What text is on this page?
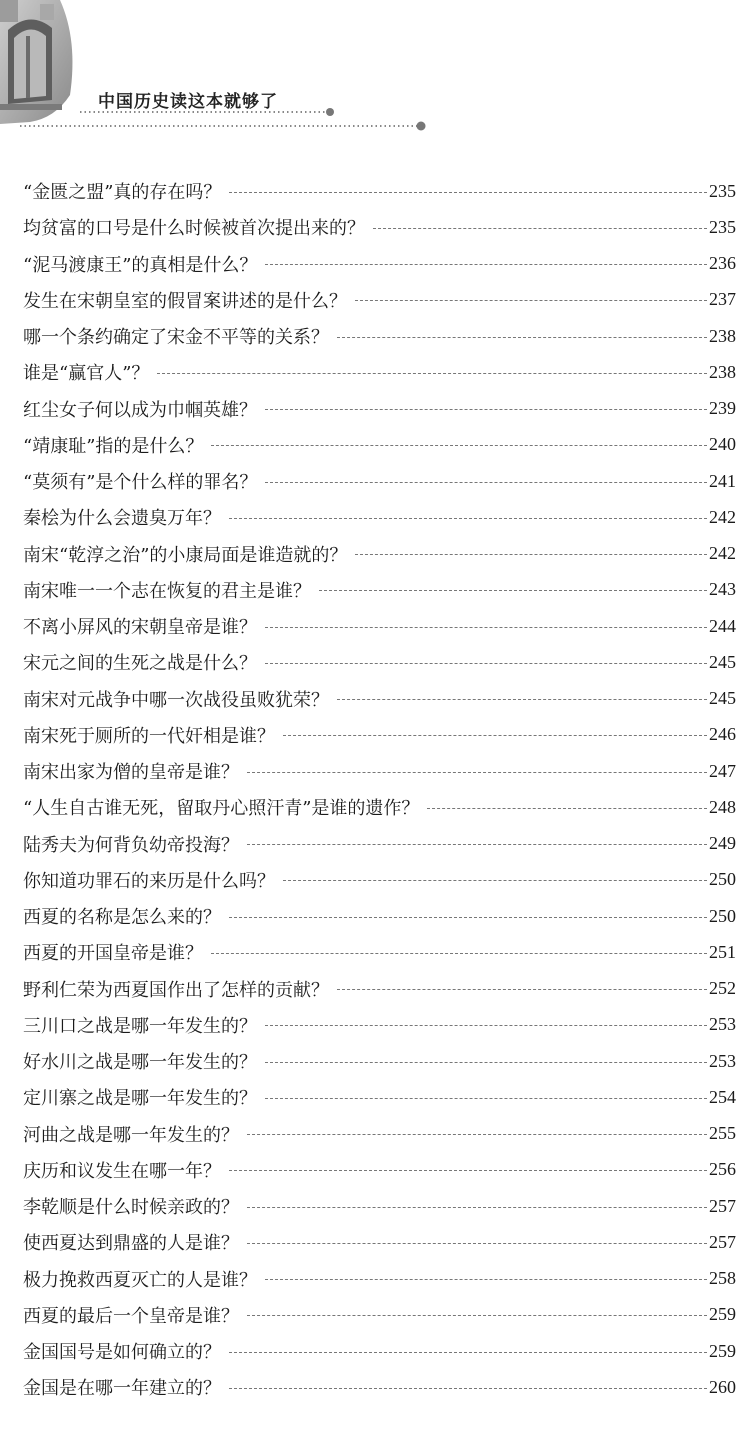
中国历史读这本就够了
“金匮之盟”真的存在吗？	235
均贫富的口号是什么时候被首次提出来的？	235
“泥马渡康王”的真相是什么？	236
发生在宋朝皇室的假冒案讲述的是什么？	237
哪一个条约确定了宋金不平等的关系？	238
谁是“赢官人”？	238
红尘女子何以成为巾帼英雄？	239
“靖康耻”指的是什么？	240
“莫须有”是个什么样的罪名？	241
秦桧为什么会遗臭万年？	242
南宋“乾淳之治”的小康局面是谁造就的？	242
南宋唯一一个志在恢复的君主是谁？	243
不离小屏风的宋朝皇帝是谁？	244
宋元之间的生死之战是什么？	245
南宋对元战争中哪一次战役虽败犹荣？	245
南宋死于厕所的一代奸相是谁？	246
南宋出家为僧的皇帝是谁？	247
“人生自古谁无死，留取丹心照汗青”是谁的遗作？	248
陆秀夫为何背负幼帝投海？	249
你知道功罪石的来历是什么吗？	250
西夏的名称是怎么来的？	250
西夏的开国皇帝是谁？	251
野利仁荣为西夏国作出了怎样的贡献？	252
三川口之战是哪一年发生的？	253
好水川之战是哪一年发生的？	253
定川寨之战是哪一年发生的？	254
河曲之战是哪一年发生的？	255
庆历和议发生在哪一年？	256
李乾顺是什么时候亲政的？	257
使西夏达到鼎盛的人是谁？	257
极力挽救西夏灭亡的人是谁？	258
西夏的最后一个皇帝是谁？	259
金国国号是如何确立的？	259
金国是在哪一年建立的？	260
